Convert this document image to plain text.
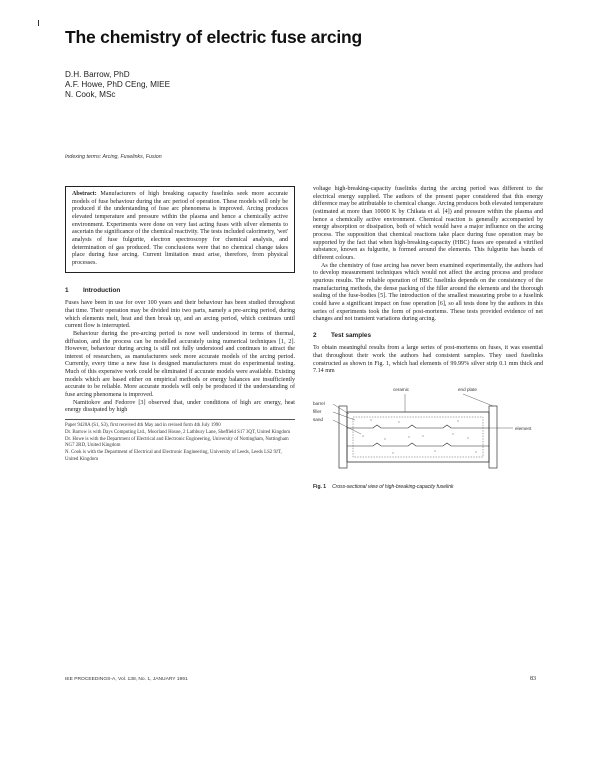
The chemistry of electric fuse arcing
D.H. Barrow, PhD
A.F. Howe, PhD CEng, MIEE
N. Cook, MSc
Indexing terms: Arcing, Fuselinks, Fusion
Abstract: Manufacturers of high breaking capacity fuselinks seek more accurate models of fuse behaviour during the arc period of operation. These models will only be produced if the understanding of fuse arc phenomena is improved. Arcing produces elevated temperature and pressure within the plasma and hence a chemically active environment. Experiments were done on very fast acting fuses with silver elements to ascertain the significance of the chemical reactivity. The tests included calorimetry, 'wet' analysis of fuse fulgurite, electron spectroscopy for chemical analysis, and determination of gas produced. The conclusions were that no chemical change takes place during fuse arcing. Current limitation must arise, therefore, from physical processes.
1 Introduction

Fuses have been in use for over 100 years and their behaviour has been studied throughout that time. Their operation may be divided into two parts, namely a pre-arcing period, during which elements melt, heat and then break up, and an arcing period, which continues until current flow is interrupted.

Behaviour during the pre-arcing period is now well understood in terms of thermal, diffusion, and the process can be modelled accurately using numerical techniques [1, 2]. However, behaviour during arcing is still not fully understood and continues to attract the interest of researchers, as manufacturers seek more accurate models of the arcing period. Currently, every time a new fuse is designed manufacturers must do experimental testing. Much of this expensive work could be eliminated if accurate models were available. Existing models which are based either on empirical methods or energy balances are insufficiently accurate to be reliable. More accurate models will only be produced if the understanding of fuse arcing phenomena is improved.

Namitokov and Fedorov [3] observed that, under conditions of high arc energy, heat energy dissipated by high

Paper 9420A (S1, S3), first received 4th May and in revised form 4th July 1990
Dr. Barrow is with Days Computing Ltd., Moorland House, 2 Lathbury Lane, Sheffield S17 3QT, United Kingdom
Dr. Howe is with the Department of Electrical and Electronic Engineering, University of Nottingham, Nottingham NG7 2RD, United Kingdom
N. Cook is with the Department of Electrical and Electronic Engineering, University of Leeds, Leeds LS2 9JT, United Kingdom

voltage high-breaking-capacity fuselinks during the arcing period was different to the electrical energy supplied. The authors of the present paper considered that this energy difference may be attributable to chemical change. Arcing produces both elevated temperature (estimated at more than 10000 K by Chikata et al. [4]) and pressure within the plasma and hence a chemically active environment. Chemical reaction is generally accompanied by energy absorption or dissipation, both of which would have a major influence on the arcing process. The supposition that chemical reactions take place during fuse operation may be supported by the fact that when high-breaking-capacity (HBC) fuses are operated a vitrified substance, known as fulgurite, is formed around the elements. This fulgurite has bands of different colours.

As the chemistry of fuse arcing has never been examined experimentally, the authors had to develop measurement techniques which would not affect the arcing process and produce spurious results. The reliable operation of HBC fuselinks depends on the consistency of the manufacturing methods, the dense packing of the filler around the elements and the thorough sealing of the fuse-bodies [5]. The introduction of the smallest measuring probe to a fuselink could have a significant impact on fuse operation [6], so all tests done by the authors in this series of experiments took the form of post-mortems. These tests provided evidence of net changes and not transient variations during arcing.

2 Test samples

To obtain meaningful results from a large series of post-mortems on fuses, it was essential that throughout their work the authors had consistent samples. They used fuselinks constructed as shown in Fig. 1, which had elements of 99.99% silver strip 0.1 mm thick and 7.14 mm

ceramic	end plate
element
barrel
filler
sand
Fig. 1 Cross-sectional view of high-breaking-capacity fuselink
IEE PROCEEDINGS-A, Vol. 138, No. 1, JANUARY 1991	83
